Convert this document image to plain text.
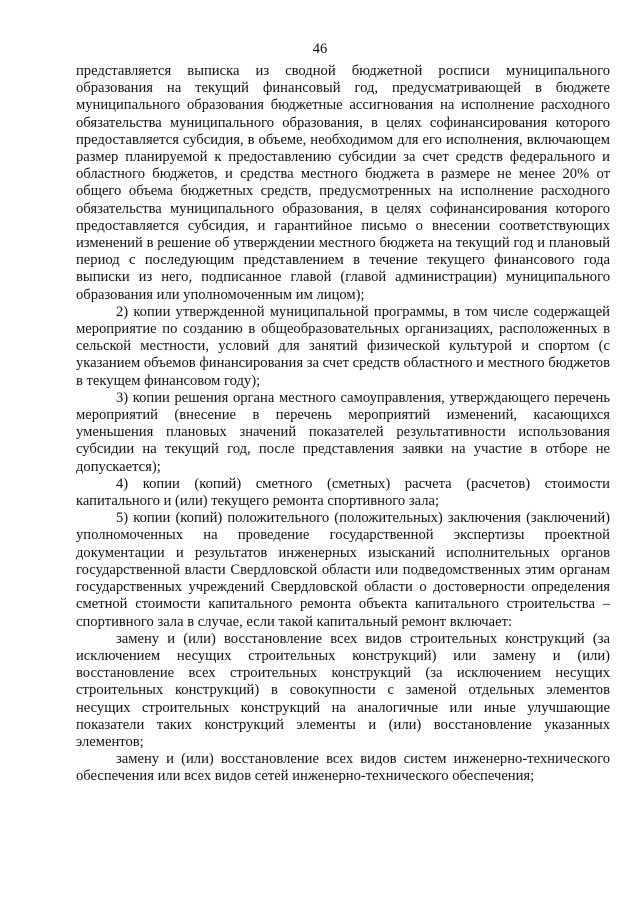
46

представляется выписка из сводной бюджетной росписи муниципального образования на текущий финансовый год, предусматривающей в бюджете муниципального образования бюджетные ассигнования на исполнение расходного обязательства муниципального образования, в целях софинансирования которого предоставляется субсидия, в объеме, необходимом для его исполнения, включающем размер планируемой к предоставлению субсидии за счет средств федерального и областного бюджетов, и средства местного бюджета в размере не менее 20% от общего объема бюджетных средств, предусмотренных на исполнение расходного обязательства муниципального образования, в целях софинансирования которого предоставляется субсидия, и гарантийное письмо о внесении соответствующих изменений в решение об утверждении местного бюджета на текущий год и плановый период с последующим представлением в течение текущего финансового года выписки из него, подписанное главой (главой администрации) муниципального образования или уполномоченным им лицом);

2) копии утвержденной муниципальной программы, в том числе содержащей мероприятие по созданию в общеобразовательных организациях, расположенных в сельской местности, условий для занятий физической культурой и спортом (с указанием объемов финансирования за счет средств областного и местного бюджетов в текущем финансовом году);

3) копии решения органа местного самоуправления, утверждающего перечень мероприятий (внесение в перечень мероприятий изменений, касающихся уменьшения плановых значений показателей результативности использования субсидии на текущий год, после представления заявки на участие в отборе не допускается);

4) копии (копий) сметного (сметных) расчета (расчетов) стоимости капитального и (или) текущего ремонта спортивного зала;

5) копии (копий) положительного (положительных) заключения (заключений) уполномоченных на проведение государственной экспертизы проектной документации и результатов инженерных изысканий исполнительных органов государственной власти Свердловской области или подведомственных этим органам государственных учреждений Свердловской области о достоверности определения сметной стоимости капитального ремонта объекта капитального строительства – спортивного зала в случае, если такой капитальный ремонт включает:

замену и (или) восстановление всех видов строительных конструкций (за исключением несущих строительных конструкций) или замену и (или) восстановление всех строительных конструкций (за исключением несущих строительных конструкций) в совокупности с заменой отдельных элементов несущих строительных конструкций на аналогичные или иные улучшающие показатели таких конструкций элементы и (или) восстановление указанных элементов;

замену и (или) восстановление всех видов систем инженерно-технического обеспечения или всех видов сетей инженерно-технического обеспечения;
